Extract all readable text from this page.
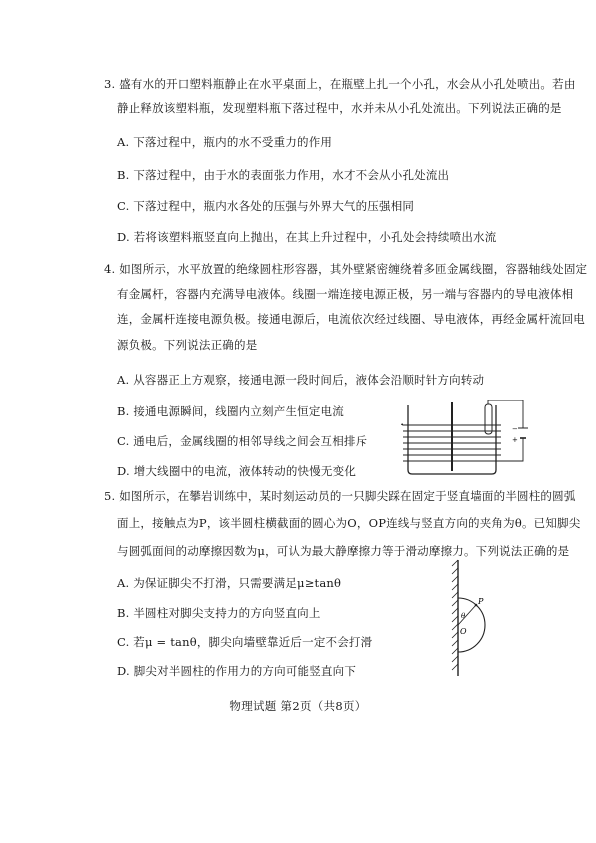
3. 盛有水的开口塑料瓶静止在水平桌面上，在瓶壁上扎一个小孔，水会从小孔处喷出。若由
静止释放该塑料瓶，发现塑料瓶下落过程中，水并未从小孔处流出。下列说法正确的是
A. 下落过程中，瓶内的水不受重力的作用
B. 下落过程中，由于水的表面张力作用，水才不会从小孔处流出
C. 下落过程中，瓶内水各处的压强与外界大气的压强相同
D. 若将该塑料瓶竖直向上抛出，在其上升过程中，小孔处会持续喷出水流
4. 如图所示，水平放置的绝缘圆柱形容器，其外壁紧密缠绕着多匝金属线圈，容器轴线处固定
有金属杆，容器内充满导电液体。线圈一端连接电源正极，另一端与容器内的导电液体相
连，金属杆连接电源负极。接通电源后，电流依次经过线圈、导电液体，再经金属杆流回电
源负极。下列说法正确的是
A. 从容器正上方观察，接通电源一段时间后，液体会沿顺时针方向转动
B. 接通电源瞬间，线圈内立刻产生恒定电流
C. 通电后，金属线圈的相邻导线之间会互相排斥
D. 增大线圈中的电流，液体转动的快慢无变化
−
+
5. 如图所示，在攀岩训练中，某时刻运动员的一只脚尖踩在固定于竖直墙面的半圆柱的圆弧
面上，接触点为P，该半圆柱横截面的圆心为O，OP连线与竖直方向的夹角为θ。已知脚尖
与圆弧面间的动摩擦因数为μ，可认为最大静摩擦力等于滑动摩擦力。下列说法正确的是
A. 为保证脚尖不打滑，只需要满足μ≥tanθ
B. 半圆柱对脚尖支持力的方向竖直向上
C. 若μ = tanθ，脚尖向墙壁靠近后一定不会打滑
D. 脚尖对半圆柱的作用力的方向可能竖直向下
P
θ
O
物理试题 第2页（共8页）
